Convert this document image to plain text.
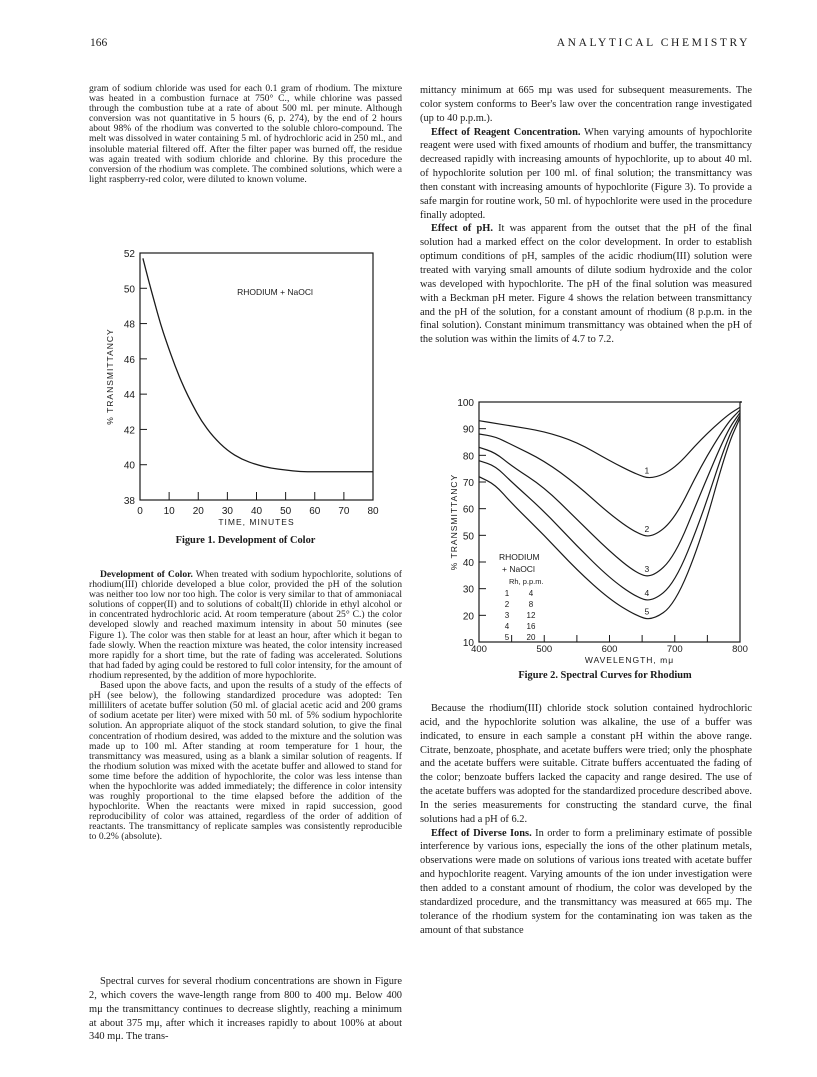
166	ANALYTICAL CHEMISTRY

gram of sodium chloride was used for each 0.1 gram of rhodium. The mixture was heated in a combustion furnace at 750° C., while chlorine was passed through the combustion tube at a rate of about 500 ml. per minute. Although conversion was not quantitative in 5 hours (6, p. 274), by the end of 2 hours about 98% of the rhodium was converted to the soluble chloro-compound. The melt was dissolved in water containing 5 ml. of hydrochloric acid in 250 ml., and insoluble material filtered off. After the filter paper was burned off, the residue was again treated with sodium chloride and chlorine. By this procedure the conversion of the rhodium was complete. The combined solutions, which were a light raspberry-red color, were diluted to known volume.

52
50
48
46
44
42
40
38
0 10 20 30 40 50 60 70 80
RHODIUM + NaOCl
TIME, MINUTES
% TRANSMITTANCY
Figure 1. Development of Color

Development of Color. When treated with sodium hypochlorite, solutions of rhodium(III) chloride developed a blue color, provided the pH of the solution was neither too low nor too high. The color is very similar to that of ammoniacal solutions of copper(II) and to solutions of cobalt(II) chloride in ethyl alcohol or in concentrated hydrochloric acid. At room temperature (about 25° C.) the color developed slowly and reached maximum intensity in about 50 minutes (see Figure 1). The color was then stable for at least an hour, after which it began to fade slowly. When the reaction mixture was heated, the color intensity increased more rapidly for a short time, but the rate of fading was accelerated. Solutions that had faded by aging could be restored to full color intensity, for the amount of rhodium represented, by the addition of more hypochlorite.

Based upon the above facts, and upon the results of a study of the effects of pH (see below), the following standardized procedure was adopted: Ten milliliters of acetate buffer solution (50 ml. of glacial acetic acid and 200 grams of sodium acetate per liter) were mixed with 50 ml. of 5% sodium hypochlorite solution. An appropriate aliquot of the stock standard solution, to give the final concentration of rhodium desired, was added to the mixture and the solution was made up to 100 ml. After standing at room temperature for 1 hour, the transmittancy was measured, using as a blank a similar solution of reagents. If the rhodium solution was mixed with the acetate buffer and allowed to stand for some time before the addition of hypochlorite, the color was less intense than when the hypochlorite was added immediately; the difference in color intensity was roughly proportional to the time elapsed before the addition of the hypochlorite. When the reactants were mixed in rapid succession, good reproducibility of color was attained, regardless of the order of addition of reactants. The transmittancy of replicate samples was consistently reproducible to 0.2% (absolute).

Spectral curves for several rhodium concentrations are shown in Figure 2, which covers the wave-length range from 800 to 400 mμ. Below 400 mμ the transmittancy continues to decrease slightly, reaching a minimum at about 375 mμ, after which it increases rapidly to about 100% at about 340 mμ. The trans-

mittancy minimum at 665 mμ was used for subsequent measurements. The color system conforms to Beer's law over the concentration range investigated (up to 40 p.p.m.).

Effect of Reagent Concentration. When varying amounts of hypochlorite reagent were used with fixed amounts of rhodium and buffer, the transmittancy decreased rapidly with increasing amounts of hypochlorite, up to about 40 ml. of hypochlorite solution per 100 ml. of final solution; the transmittancy was then constant with increasing amounts of hypochlorite (Figure 3). To provide a safe margin for routine work, 50 ml. of hypochlorite were used in the procedure finally adopted.

Effect of pH. It was apparent from the outset that the pH of the final solution had a marked effect on the color development. In order to establish optimum conditions of pH, samples of the acidic rhodium(III) solution were treated with varying small amounts of dilute sodium hydroxide and the color was developed with hypochlorite. The pH of the final solution was measured with a Beckman pH meter. Figure 4 shows the relation between transmittancy and the pH of the solution, for a constant amount of rhodium (8 p.p.m. in the final solution). Constant minimum transmittancy was obtained when the pH of the solution was within the limits of 4.7 to 7.2.

100
90
80
70
60
50
40
30
20
10
400	500	600	700	800
1
2
3
4
5
RHODIUM
+ NaOCl
Rh, p.p.m.
1 4
2 8
3 12
4 16
5 20
WAVELENGTH, mμ
% TRANSMITTANCY
Figure 2. Spectral Curves for Rhodium

Because the rhodium(III) chloride stock solution contained hydrochloric acid, and the hypochlorite solution was alkaline, the use of a buffer was indicated, to ensure in each sample a constant pH within the above range. Citrate, benzoate, phosphate, and acetate buffers were tried; only the phosphate and the acetate buffers were suitable. Citrate buffers accentuated the fading of the color; benzoate buffers lacked the capacity and range desired. The use of the acetate buffers was adopted for the standardized procedure described above. In the series measurements for constructing the standard curve, the final solutions had a pH of 6.2.

Effect of Diverse Ions. In order to form a preliminary estimate of possible interference by various ions, especially the ions of the other platinum metals, observations were made on solutions of various ions treated with acetate buffer and hypochlorite reagent. Varying amounts of the ion under investigation were then added to a constant amount of rhodium, the color was developed by the standardized procedure, and the transmittancy was measured at 665 mμ. The tolerance of the rhodium system for the contaminating ion was taken as the amount of that substance
